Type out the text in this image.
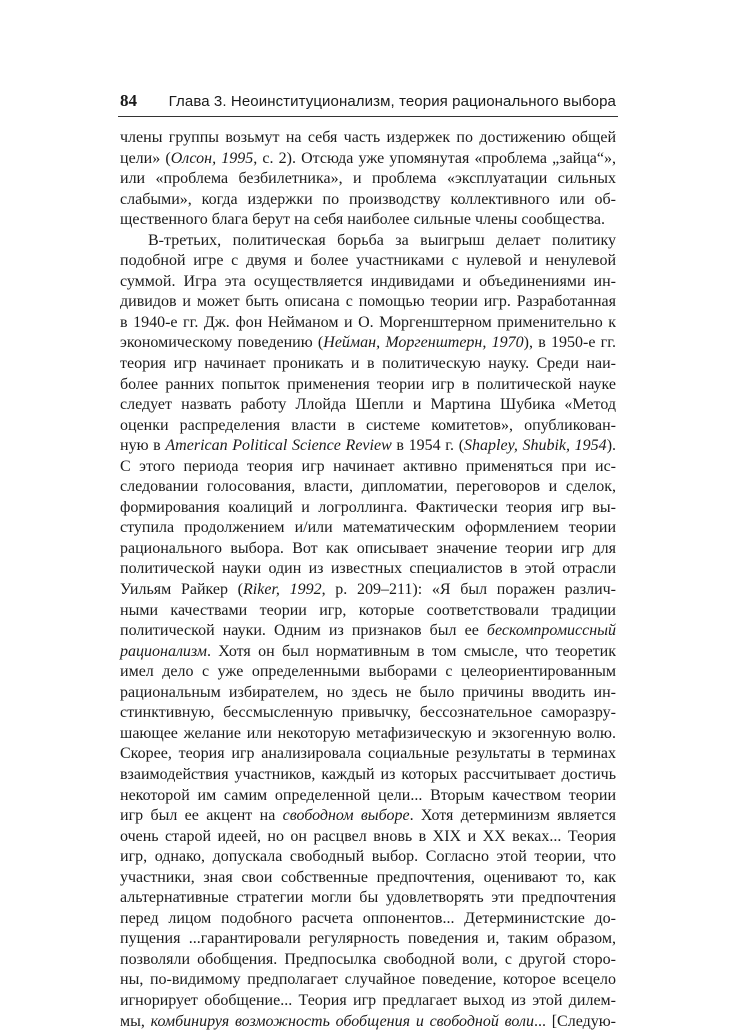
84 Глава 3. Неоинституционализм, теория рационального выбора
члены группы возьмут на себя часть издержек по достижению общей
цели» (Олсон, 1995, с. 2). Отсюда уже упомянутая «проблема „зайца“»,
или «проблема безбилетника», и проблема «эксплуатации сильных
слабыми», когда издержки по производству коллективного или об-
щественного блага берут на себя наиболее сильные члены сообщества.
В-третьих, политическая борьба за выигрыш делает политику
подобной игре с двумя и более участниками с нулевой и ненулевой
суммой. Игра эта осуществляется индивидами и объединениями ин-
дивидов и может быть описана с помощью теории игр. Разработанная
в 1940-е гг. Дж. фон Нейманом и О. Моргенштерном применительно к
экономическому поведению (Нейман, Моргенштерн, 1970), в 1950-е гг.
теория игр начинает проникать и в политическую науку. Среди наи-
более ранних попыток применения теории игр в политической науке
следует назвать работу Ллойда Шепли и Мартина Шубика «Метод
оценки распределения власти в системе комитетов», опубликован-
ную в American Political Science Review в 1954 г. (Shapley, Shubik, 1954).
С этого периода теория игр начинает активно применяться при ис-
следовании голосования, власти, дипломатии, переговоров и сделок,
формирования коалиций и логроллинга. Фактически теория игр вы-
ступила продолжением и/или математическим оформлением теории
рационального выбора. Вот как описывает значение теории игр для
политической науки один из известных специалистов в этой отрасли
Уильям Райкер (Riker, 1992, p. 209–211): «Я был поражен различ-
ными качествами теории игр, которые соответствовали традиции
политической науки. Одним из признаков был ее бескомпромиссный
рационализм. Хотя он был нормативным в том смысле, что теоретик
имел дело с уже определенными выборами с целеориентированным
рациональным избирателем, но здесь не было причины вводить ин-
стинктивную, бессмысленную привычку, бессознательное саморазру-
шающее желание или некоторую метафизическую и экзогенную волю.
Скорее, теория игр анализировала социальные результаты в терминах
взаимодействия участников, каждый из которых рассчитывает достичь
некоторой им самим определенной цели... Вторым качеством теории
игр был ее акцент на свободном выборе. Хотя детерминизм является
очень старой идеей, но он расцвел вновь в XIX и XX веках... Теория
игр, однако, допускала свободный выбор. Согласно этой теории, что
участники, зная свои собственные предпочтения, оценивают то, как
альтернативные стратегии могли бы удовлетворять эти предпочтения
перед лицом подобного расчета оппонентов... Детерминистские до-
пущения ...гарантировали регулярность поведения и, таким образом,
позволяли обобщения. Предпосылка свободной воли, с другой сторо-
ны, по-видимому предполагает случайное поведение, которое всецело
игнорирует обобщение... Теория игр предлагает выход из этой дилем-
мы, комбинируя возможность обобщения и свободной воли... [Следую-
